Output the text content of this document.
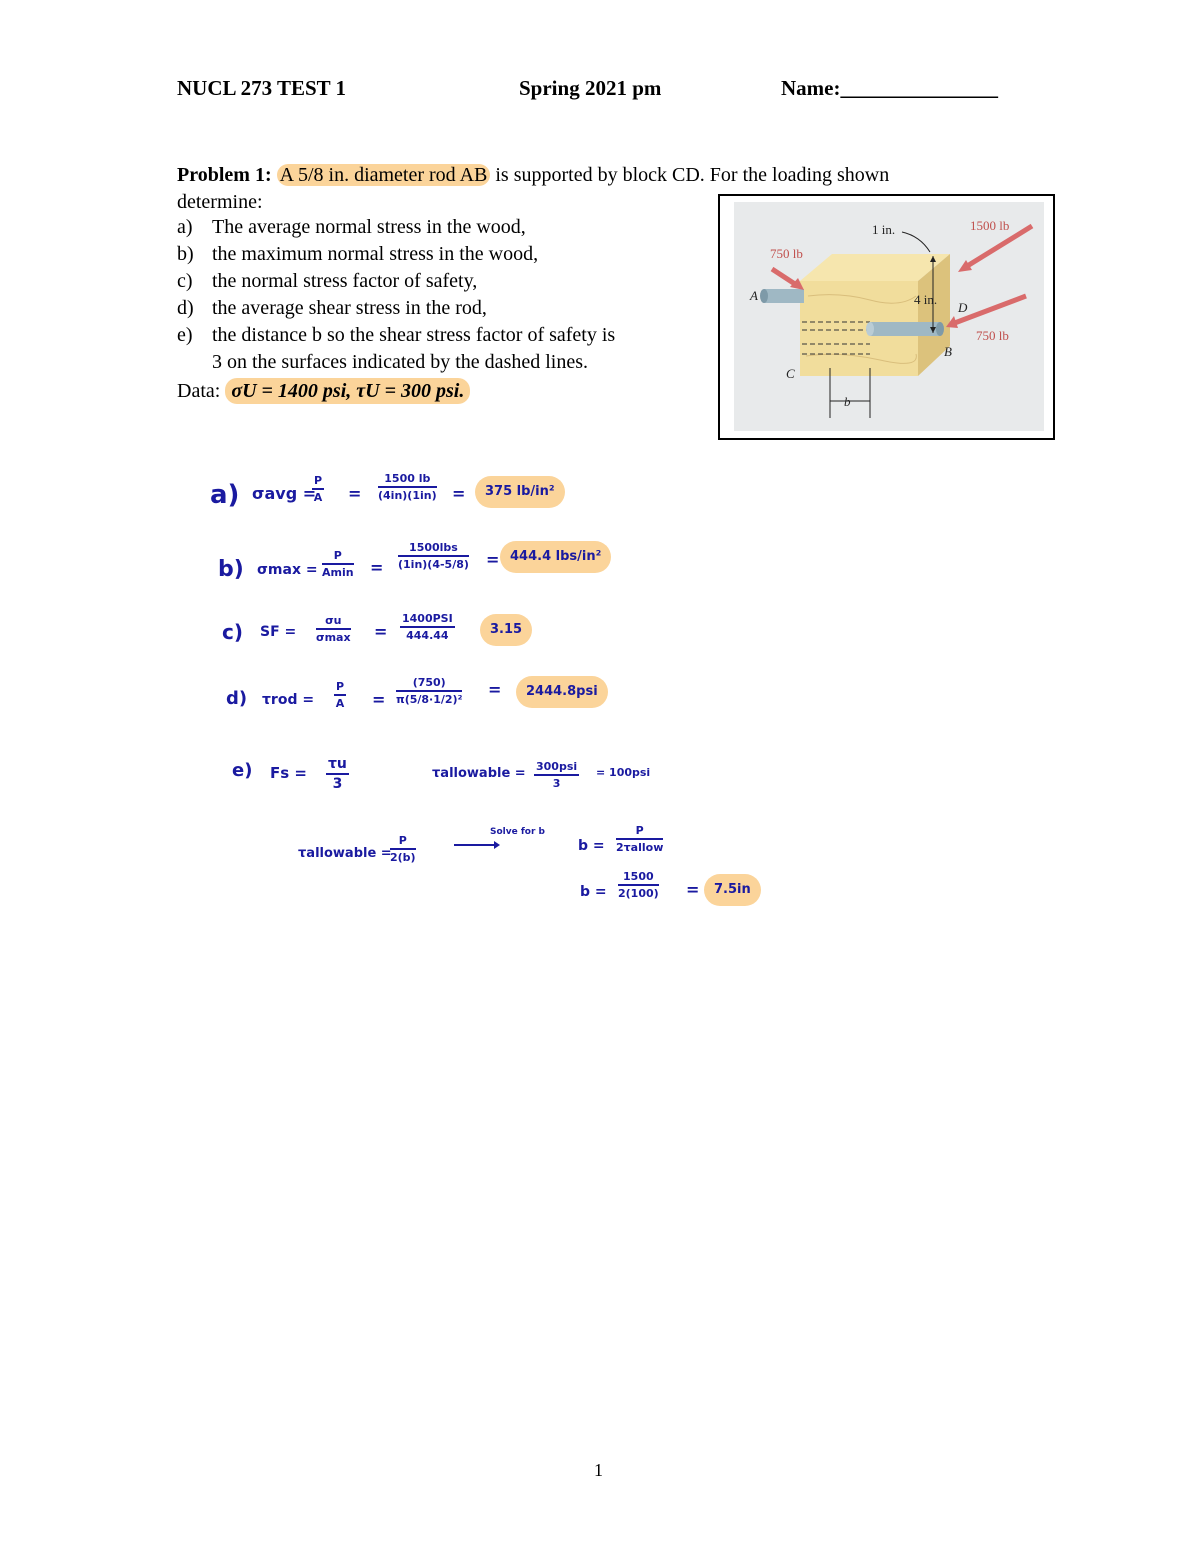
NUCL 273 TEST 1	Spring 2021 pm	Name:_______________
Problem 1: A 5/8 in. diameter rod AB is supported by block CD. For the loading shown
determine:
a) The average normal stress in the wood,
b) the maximum normal stress in the wood,
c) the normal stress factor of safety,
d) the average shear stress in the rod,
e) the distance b so the shear stress factor of safety is
3 on the surfaces indicated by the dashed lines.
Data: σU = 1400 psi, τU = 300 psi.
750 lb
1500 lb
750 lb
1 in.
4 in.
A
B
C
D
b
a) σavg =
$\frac{P}{A} = \frac{1500 lb}{(4in)(1in)}$ =	375 lb/in²
b) σmax =
P
Amin =
1500lbs
(1in)(4-5/8) = 444.4 lbs/in²
c) SF =
σu
σmax =
1400PSI
444.44	3.15
d) $\tau rod = \frac{P}{A} = \frac{(750)}{\text{π(5/8·1/2)²}}$ =	2444.8psi
e) $Fs = \frac{\tau u}{3}$	τallowable = 300psi
3
= 100psi
τallowable =
$\frac{P}{2(b)}$
Solve for b
b =
P
2τallow
$b = \frac{1500}{2(100)}$ =	7.5in
1
